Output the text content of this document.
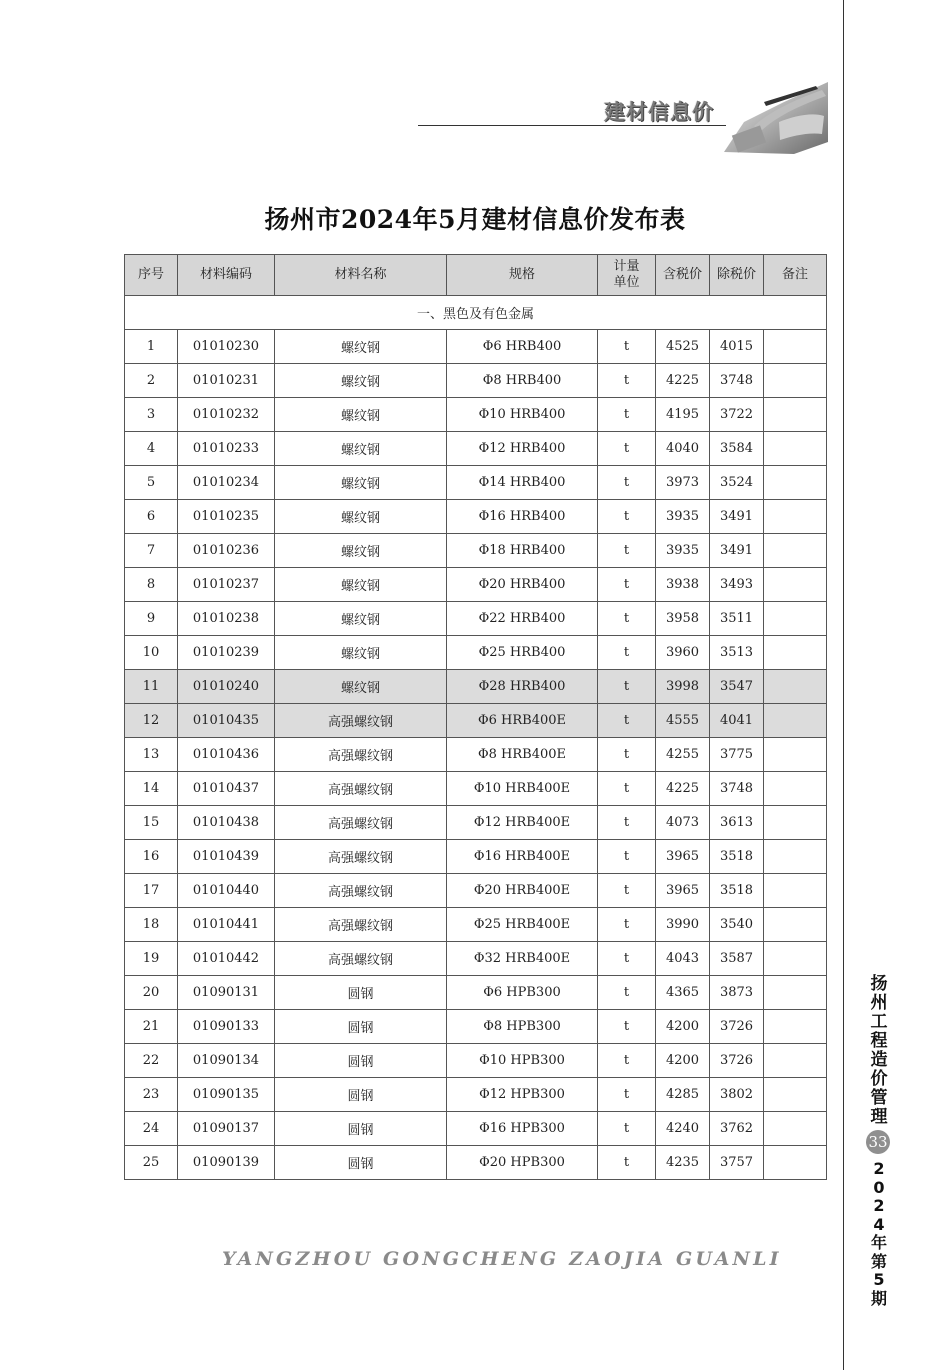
建材信息价
扬州市2024年5月建材信息价发布表
序号	材料编码	材料名称	规格	计量
单位	含税价	除税价	备注
一、黑色及有色金属							
1	01010230	螺纹钢	Φ6 HRB400	t	4525	4015	
2	01010231	螺纹钢	Φ8 HRB400	t	4225	3748	
3	01010232	螺纹钢	Φ10 HRB400	t	4195	3722	
4	01010233	螺纹钢	Φ12 HRB400	t	4040	3584	
5	01010234	螺纹钢	Φ14 HRB400	t	3973	3524	
6	01010235	螺纹钢	Φ16 HRB400	t	3935	3491	
7	01010236	螺纹钢	Φ18 HRB400	t	3935	3491	
8	01010237	螺纹钢	Φ20 HRB400	t	3938	3493	
9	01010238	螺纹钢	Φ22 HRB400	t	3958	3511	
10	01010239	螺纹钢	Φ25 HRB400	t	3960	3513	
11	01010240	螺纹钢	Φ28 HRB400	t	3998	3547	
12	01010435	高强螺纹钢	Φ6 HRB400E	t	4555	4041	
13	01010436	高强螺纹钢	Φ8 HRB400E	t	4255	3775	
14	01010437	高强螺纹钢	Φ10 HRB400E	t	4225	3748	
15	01010438	高强螺纹钢	Φ12 HRB400E	t	4073	3613	
16	01010439	高强螺纹钢	Φ16 HRB400E	t	3965	3518	
17	01010440	高强螺纹钢	Φ20 HRB400E	t	3965	3518	
18	01010441	高强螺纹钢	Φ25 HRB400E	t	3990	3540	
19	01010442	高强螺纹钢	Φ32 HRB400E	t	4043	3587	
20	01090131	圆钢	Φ6 HPB300	t	4365	3873	
21	01090133	圆钢	Φ8 HPB300	t	4200	3726	
22	01090134	圆钢	Φ10 HPB300	t	4200	3726	
23	01090135	圆钢	Φ12 HPB300	t	4285	3802	
24	01090137	圆钢	Φ16 HPB300	t	4240	3762	
25	01090139	圆钢	Φ20 HPB300	t	4235	3757	
YANGZHOU GONGCHENG ZAOJIA GUANLI
扬州工程造价管理
33
2024年第5期
